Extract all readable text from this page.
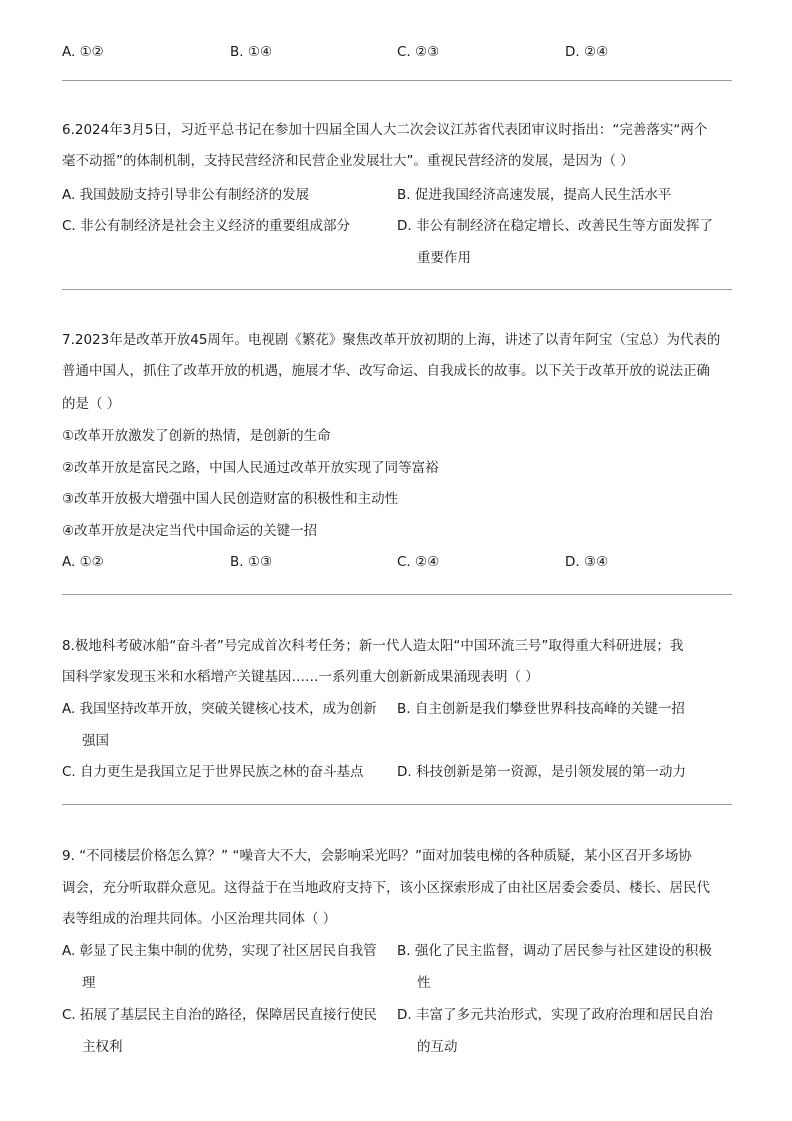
A. ①②	B. ①④	C. ②③	D. ②④
6.2024年3月5日，习近平总书记在参加十四届全国人大二次会议江苏省代表团审议时指出：“完善落实“两个
毫不动摇”的体制机制，支持民营经济和民营企业发展壮大”。重视民营经济的发展，是因为（ ）
A. 我国鼓励支持引导非公有制经济的发展	B. 促进我国经济高速发展，提高人民生活水平
C. 非公有制经济是社会主义经济的重要组成部分	D. 非公有制经济在稳定增长、改善民生等方面发挥了
重要作用
7.2023年是改革开放45周年。电视剧《繁花》聚焦改革开放初期的上海，讲述了以青年阿宝（宝总）为代表的
普通中国人，抓住了改革开放的机遇，施展才华、改写命运、自我成长的故事。以下关于改革开放的说法正确
的是（ ）
①改革开放激发了创新的热情，是创新的生命
②改革开放是富民之路，中国人民通过改革开放实现了同等富裕
③改革开放极大增强中国人民创造财富的积极性和主动性
④改革开放是决定当代中国命运的关键一招
A. ①②	B. ①③	C. ②④	D. ③④
8.极地科考破冰船“奋斗者”号完成首次科考任务；新一代人造太阳“中国环流三号”取得重大科研进展；我
国科学家发现玉米和水稻增产关键基因……一系列重大创新新成果涌现表明（ ）
A. 我国坚持改革开放，突破关键核心技术，成为创新
强国
B. 自主创新是我们攀登世界科技高峰的关键一招
C. 自力更生是我国立足于世界民族之林的奋斗基点 D. 科技创新是第一资源，是引领发展的第一动力
9. “不同楼层价格怎么算？” “噪音大不大，会影响采光吗？”面对加装电梯的各种质疑，某小区召开多场协
调会，充分听取群众意见。这得益于在当地政府支持下，该小区探索形成了由社区居委会委员、楼长、居民代
表等组成的治理共同体。小区治理共同体（ ）
A. 彰显了民主集中制的优势，实现了社区居民自我管
理
B. 强化了民主监督，调动了居民参与社区建设的积极
性
C. 拓展了基层民主自治的路径，保障居民直接行使民
主权利
D. 丰富了多元共治形式，实现了政府治理和居民自治
的互动
